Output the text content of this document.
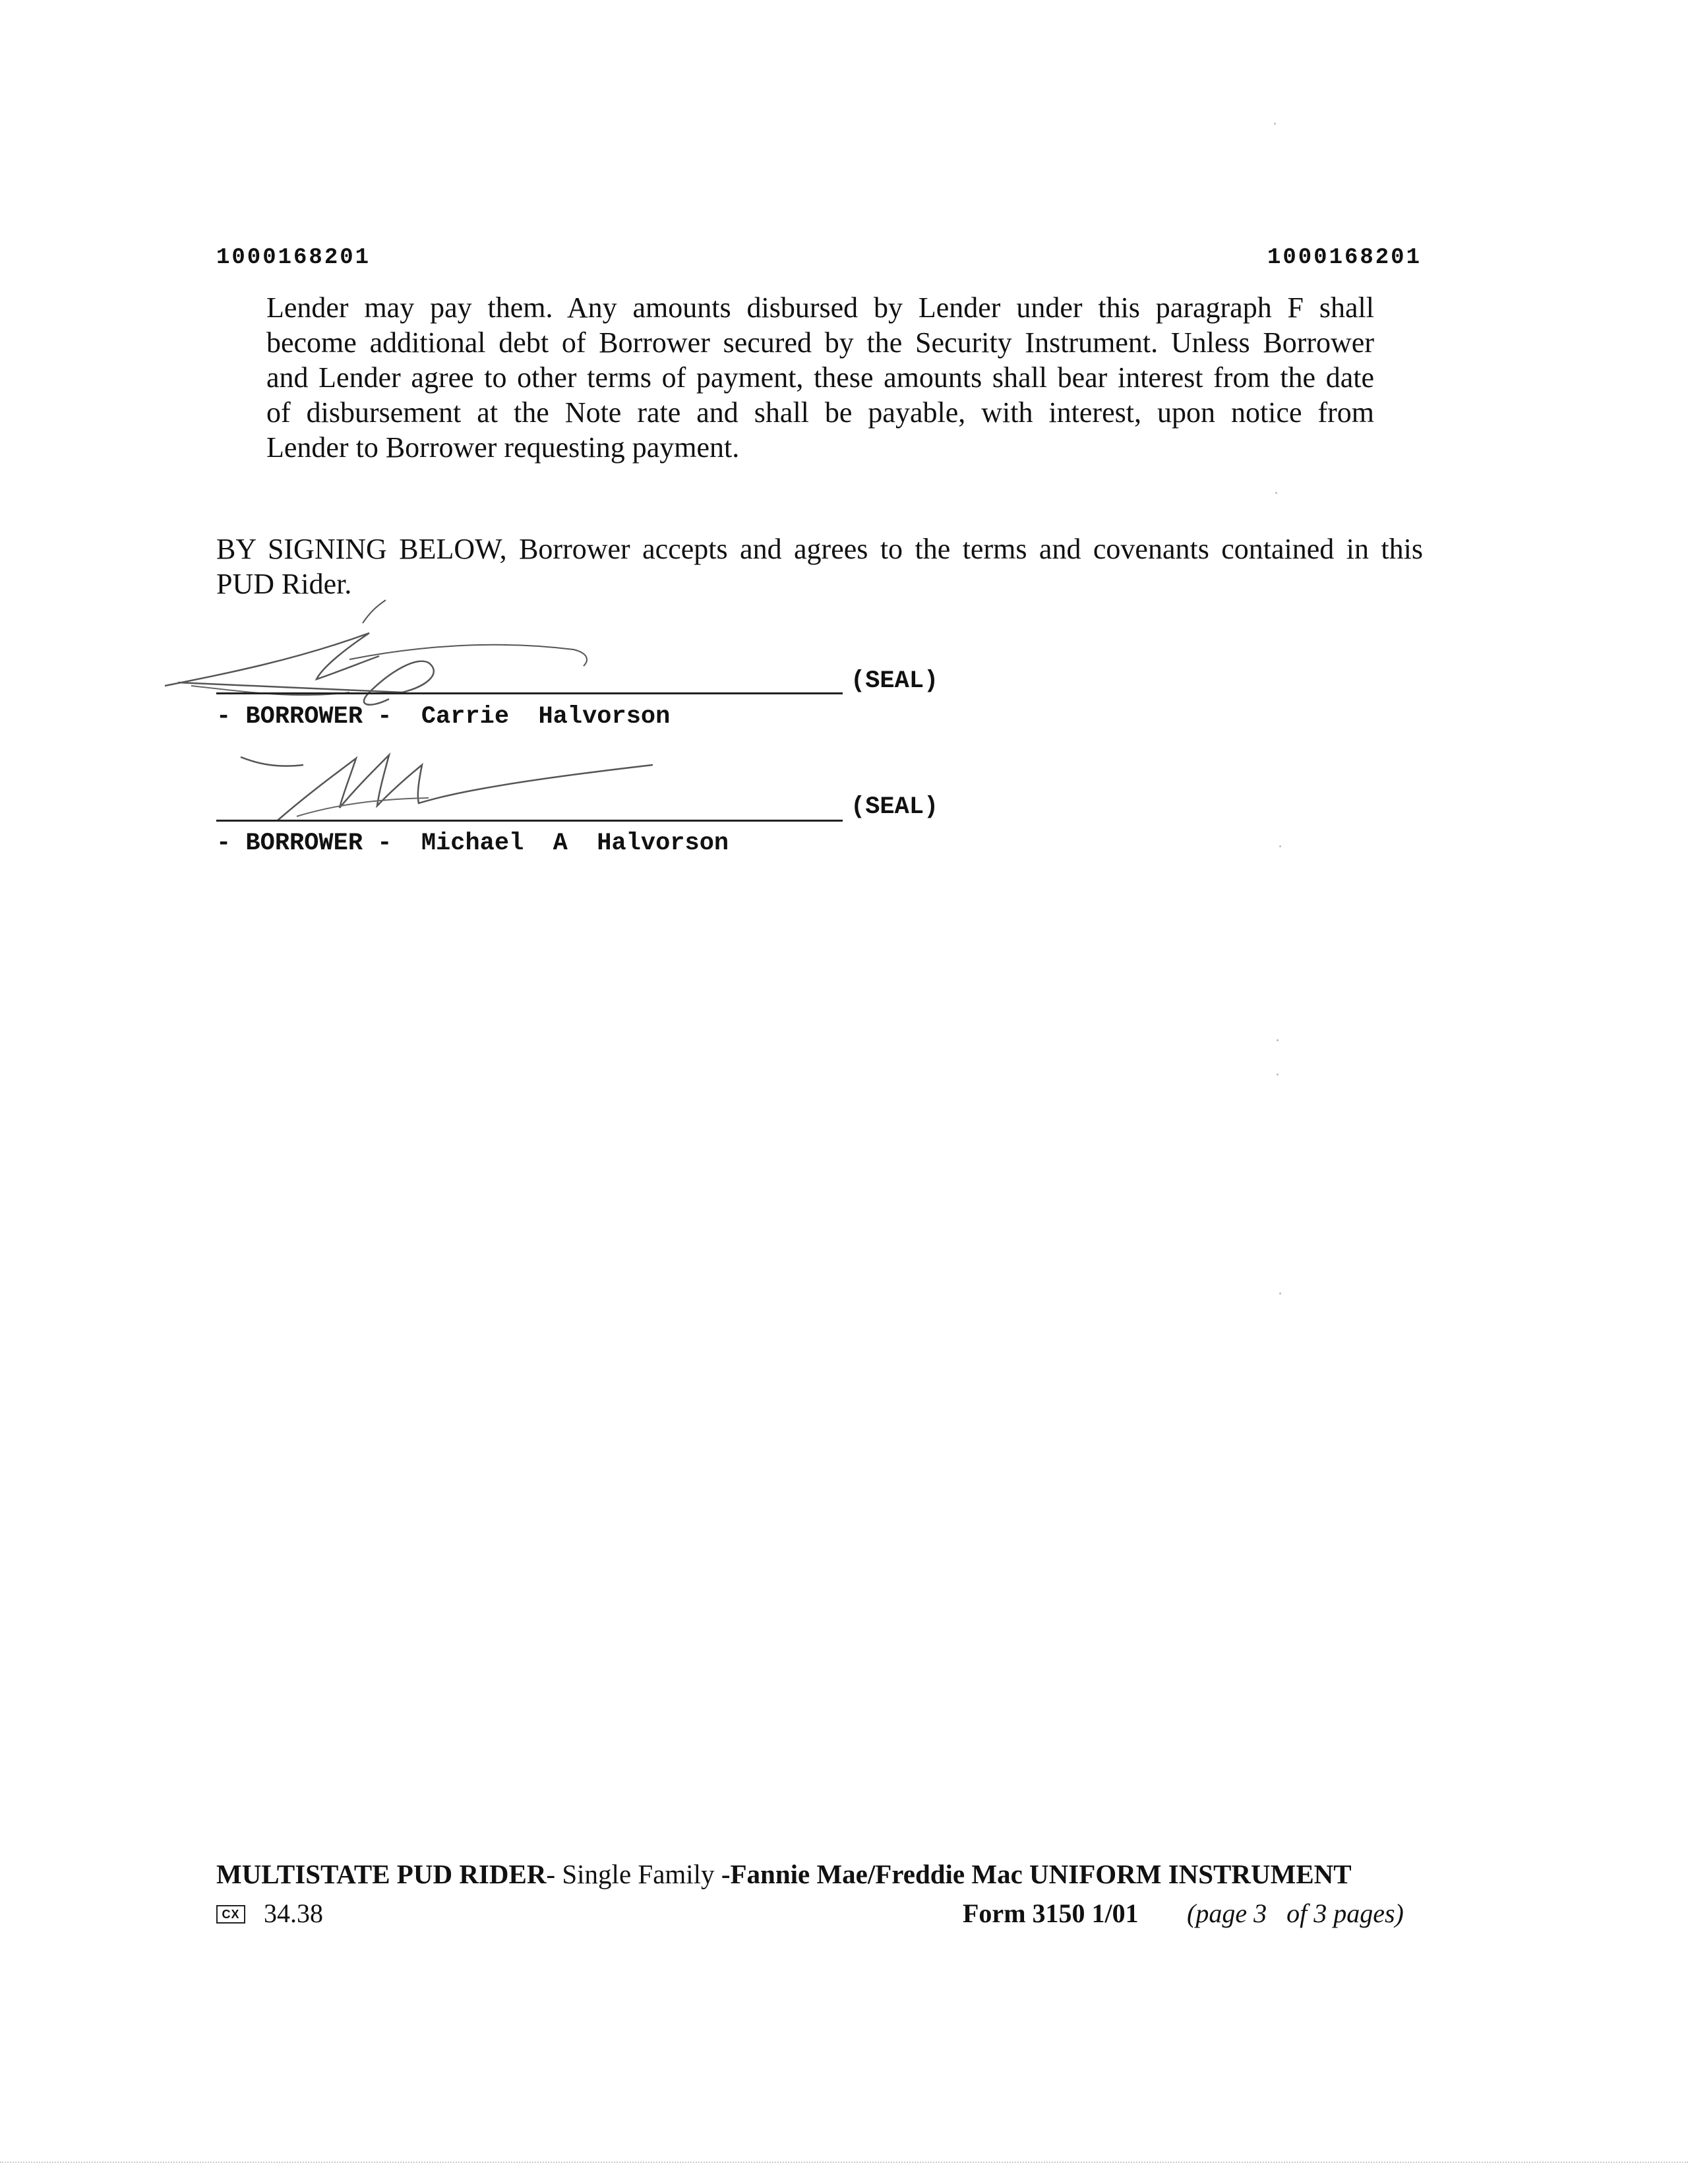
1000168201	1000168201
Lender may pay them. Any amounts disbursed by Lender under this paragraph F shall
become additional debt of Borrower secured by the Security Instrument. Unless Borrower
and Lender agree to other terms of payment, these amounts shall bear interest from the date
of disbursement at the Note rate and shall be payable, with interest, upon notice from
Lender to Borrower requesting payment.
BY SIGNING BELOW, Borrower accepts and agrees to the terms and covenants contained in this
PUD Rider.
(SEAL)
- BORROWER -  Carrie  Halvorson
(SEAL)
- BORROWER -  Michael  A  Halvorson
MULTISTATE PUD RIDER- Single Family -Fannie Mae/Freddie Mac UNIFORM INSTRUMENT
CX 34.38	Form 3150 1/01 (page 3   of 3 pages)
